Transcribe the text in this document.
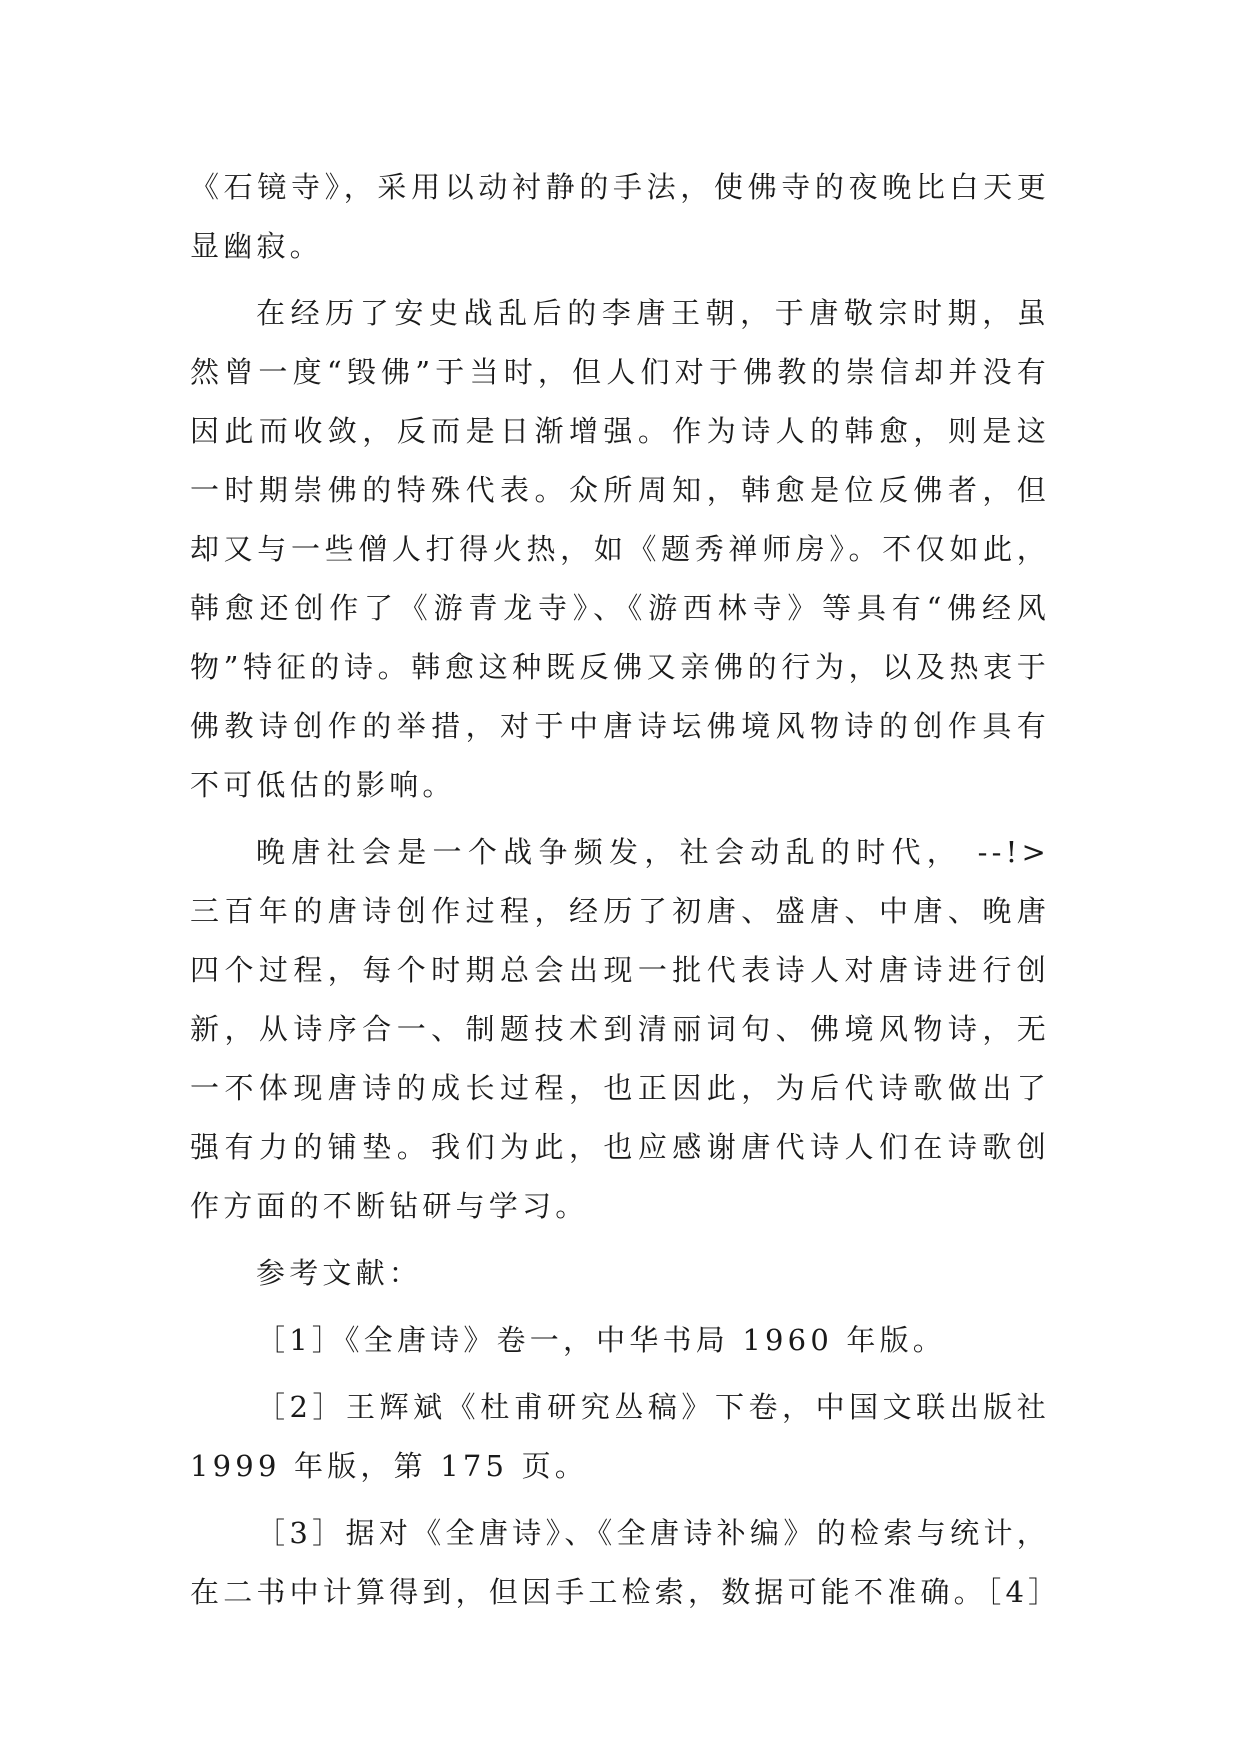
《石镜寺》，采用以动衬静的手法，使佛寺的夜晚比白天更显幽寂。

在经历了安史战乱后的李唐王朝，于唐敬宗时期，虽然曾一度“毁佛”于当时，但人们对于佛教的崇信却并没有因此而收敛，反而是日渐增强。作为诗人的韩愈，则是这一时期崇佛的特殊代表。众所周知，韩愈是位反佛者，但却又与一些僧人打得火热，如《题秀禅师房》。不仅如此，韩愈还创作了《游青龙寺》、《游西林寺》等具有“佛经风物”特征的诗。韩愈这种既反佛又亲佛的行为，以及热衷于佛教诗创作的举措，对于中唐诗坛佛境风物诗的创作具有不可低估的影响。

晚唐社会是一个战争频发，社会动乱的时代， --!> 三百年的唐诗创作过程，经历了初唐、盛唐、中唐、晚唐四个过程，每个时期总会出现一批代表诗人对唐诗进行创新，从诗序合一、制题技术到清丽词句、佛境风物诗，无一不体现唐诗的成长过程，也正因此，为后代诗歌做出了强有力的铺垫。我们为此，也应感谢唐代诗人们在诗歌创作方面的不断钻研与学习。

参考文献：

［1］《全唐诗》卷一，中华书局 1960 年版。

［2］王辉斌《杜甫研究丛稿》下卷，中国文联出版社 1999 年版，第 175 页。

［3］据对《全唐诗》、《全唐诗补编》的检索与统计，在二书中计算得到，但因手工检索，数据可能不准确。［4］
